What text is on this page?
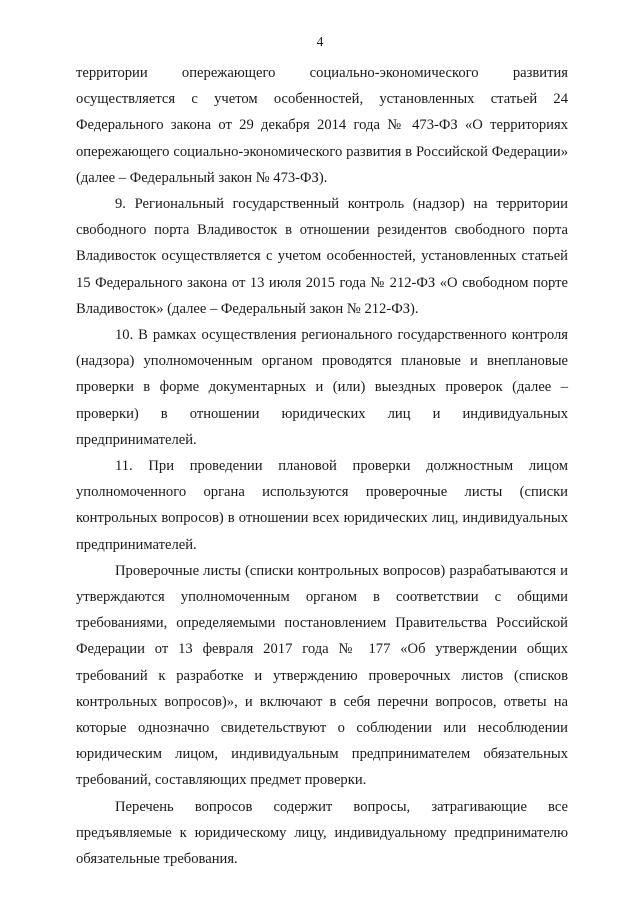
4

территории опережающего социально-экономического развития осуществляется с учетом особенностей, установленных статьей 24 Федерального закона от 29 декабря 2014 года № 473-ФЗ «О территориях опережающего социально-экономического развития в Российской Федерации» (далее – Федеральный закон № 473-ФЗ).

9. Региональный государственный контроль (надзор) на территории свободного порта Владивосток в отношении резидентов свободного порта Владивосток осуществляется с учетом особенностей, установленных статьей 15 Федерального закона от 13 июля 2015 года № 212-ФЗ «О свободном порте Владивосток» (далее – Федеральный закон № 212-ФЗ).

10. В рамках осуществления регионального государственного контроля (надзора) уполномоченным органом проводятся плановые и внеплановые проверки в форме документарных и (или) выездных проверок (далее – проверки) в отношении юридических лиц и индивидуальных предпринимателей.

11. При проведении плановой проверки должностным лицом уполномоченного органа используются проверочные листы (списки контрольных вопросов) в отношении всех юридических лиц, индивидуальных предпринимателей.

Проверочные листы (списки контрольных вопросов) разрабатываются и утверждаются уполномоченным органом в соответствии с общими требованиями, определяемыми постановлением Правительства Российской Федерации от 13 февраля 2017 года № 177 «Об утверждении общих требований к разработке и утверждению проверочных листов (списков контрольных вопросов)», и включают в себя перечни вопросов, ответы на которые однозначно свидетельствуют о соблюдении или несоблюдении юридическим лицом, индивидуальным предпринимателем обязательных требований, составляющих предмет проверки.

Перечень вопросов содержит вопросы, затрагивающие все предъявляемые к юридическому лицу, индивидуальному предпринимателю обязательные требования.
